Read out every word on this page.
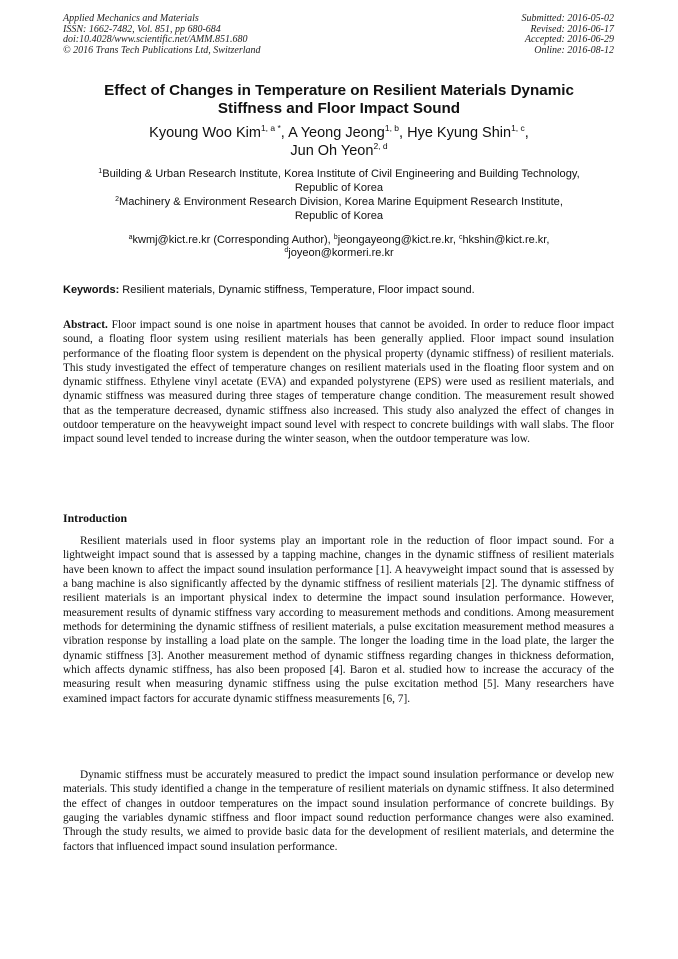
Applied Mechanics and Materials
ISSN: 1662-7482, Vol. 851, pp 680-684
doi:10.4028/www.scientific.net/AMM.851.680
© 2016 Trans Tech Publications Ltd, Switzerland
Submitted: 2016-05-02
Revised: 2016-06-17
Accepted: 2016-06-29
Online: 2016-08-12
Effect of Changes in Temperature on Resilient Materials Dynamic
Stiffness and Floor Impact Sound
Kyoung Woo Kim$^{1, a *}$, A Yeong Jeong$^{1, b}$, Hye Kyung Shin$^{1, c}$,
Jun Oh Yeon$^{2, d}$
$^1$Building & Urban Research Institute, Korea Institute of Civil Engineering and Building Technology,
Republic of Korea
$^2$Machinery & Environment Research Division, Korea Marine Equipment Research Institute,
Republic of Korea
$^a$kwmj@kict.re.kr (Corresponding Author), $^b$jeongayeong@kict.re.kr, $^c$hkshin@kict.re.kr,
$^d$joyeon@kormeri.re.kr
Keywords: Resilient materials, Dynamic stiffness, Temperature, Floor impact sound.

Abstract. Floor impact sound is one noise in apartment houses that cannot be avoided. In order to reduce floor impact sound, a floating floor system using resilient materials has been generally applied. Floor impact sound insulation performance of the floating floor system is dependent on the physical property (dynamic stiffness) of resilient materials. This study investigated the effect of temperature changes on resilient materials used in the floating floor system and on dynamic stiffness. Ethylene vinyl acetate (EVA) and expanded polystyrene (EPS) were used as resilient materials, and dynamic stiffness was measured during three stages of temperature change condition. The measurement result showed that as the temperature decreased, dynamic stiffness also increased. This study also analyzed the effect of changes in outdoor temperature on the heavyweight impact sound level with respect to concrete buildings with wall slabs. The floor impact sound level tended to increase during the winter season, when the outdoor temperature was low.

Introduction

Resilient materials used in floor systems play an important role in the reduction of floor impact sound. For a lightweight impact sound that is assessed by a tapping machine, changes in the dynamic stiffness of resilient materials have been known to affect the impact sound insulation performance [1]. A heavyweight impact sound that is assessed by a bang machine is also significantly affected by the dynamic stiffness of resilient materials [2]. The dynamic stiffness of resilient materials is an important physical index to determine the impact sound insulation performance. However, measurement results of dynamic stiffness vary according to measurement methods and conditions. Among measurement methods for determining the dynamic stiffness of resilient materials, a pulse excitation measurement method measures a vibration response by installing a load plate on the sample. The longer the loading time in the load plate, the larger the dynamic stiffness [3]. Another measurement method of dynamic stiffness regarding changes in thickness deformation, which affects dynamic stiffness, has also been proposed [4]. Baron et al. studied how to increase the accuracy of the measuring result when measuring dynamic stiffness using the pulse excitation method [5]. Many researchers have examined impact factors for accurate dynamic stiffness measurements [6, 7].

Dynamic stiffness must be accurately measured to predict the impact sound insulation performance or develop new materials. This study identified a change in the temperature of resilient materials on dynamic stiffness. It also determined the effect of changes in outdoor temperatures on the impact sound insulation performance of concrete buildings. By gauging the variables dynamic stiffness and floor impact sound reduction performance changes were also examined. Through the study results, we aimed to provide basic data for the development of resilient materials, and determine the factors that influenced impact sound insulation performance.
